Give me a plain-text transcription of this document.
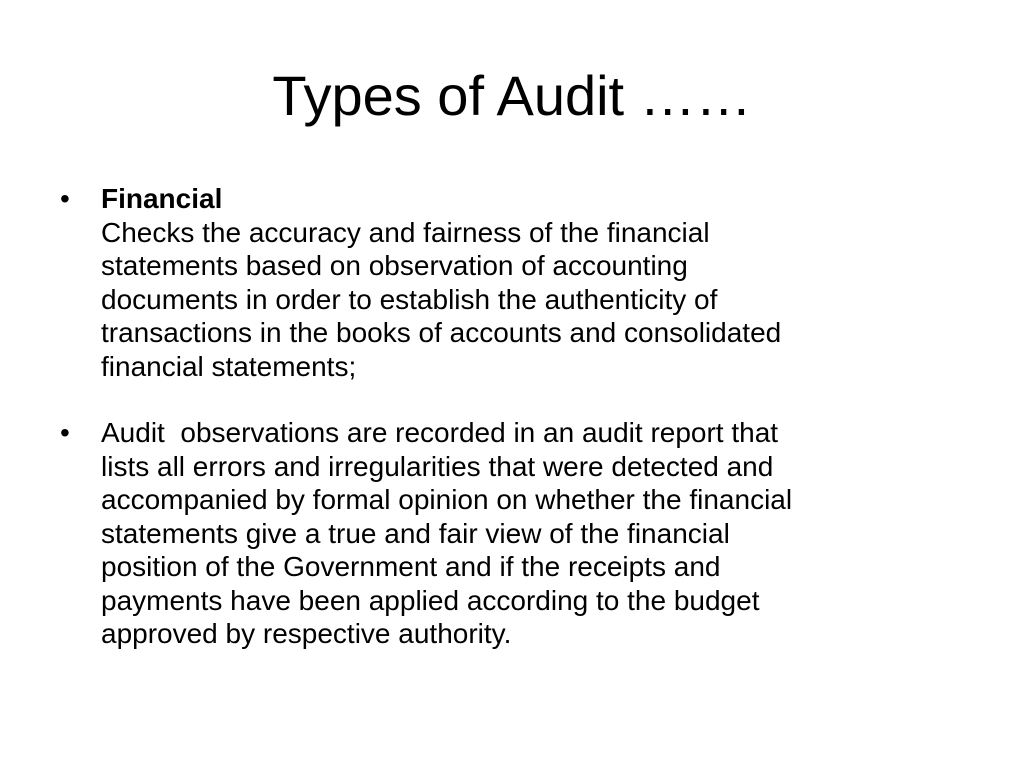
Types of Audit ……
•	Financial
Checks the accuracy and fairness of the financial
statements based on observation of accounting
documents in order to establish the authenticity of
transactions in the books of accounts and consolidated
financial statements;
•	Audit  observations are recorded in an audit report that
lists all errors and irregularities that were detected and
accompanied by formal opinion on whether the financial
statements give a true and fair view of the financial
position of the Government and if the receipts and
payments have been applied according to the budget
approved by respective authority.
